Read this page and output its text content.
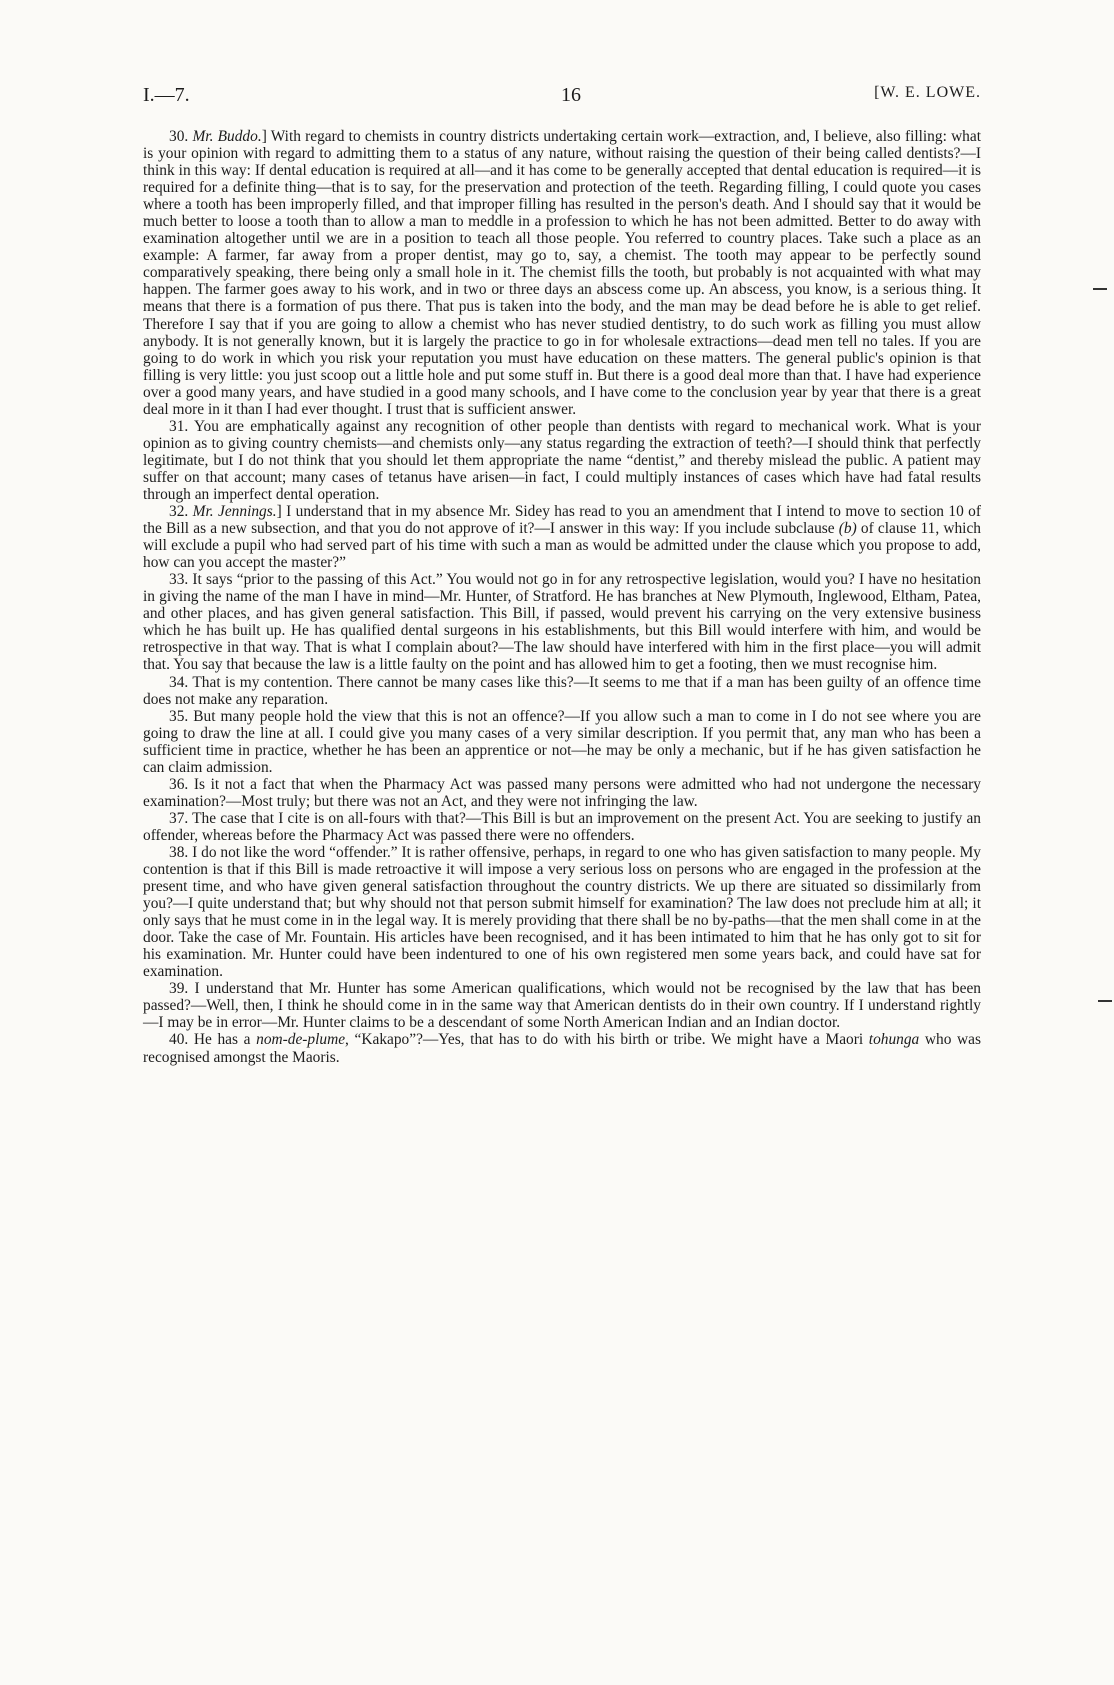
I.—7.	16	[W. E. LOWE.

30. Mr. Buddo.] With regard to chemists in country districts undertaking certain work—extraction, and, I believe, also filling: what is your opinion with regard to admitting them to a status of any nature, without raising the question of their being called dentists?—I think in this way: If dental education is required at all—and it has come to be generally accepted that dental education is required—it is required for a definite thing—that is to say, for the preservation and protection of the teeth. Regarding filling, I could quote you cases where a tooth has been improperly filled, and that improper filling has resulted in the person's death. And I should say that it would be much better to loose a tooth than to allow a man to meddle in a profession to which he has not been admitted. Better to do away with examination altogether until we are in a position to teach all those people. You referred to country places. Take such a place as an example: A farmer, far away from a proper dentist, may go to, say, a chemist. The tooth may appear to be perfectly sound comparatively speaking, there being only a small hole in it. The chemist fills the tooth, but probably is not acquainted with what may happen. The farmer goes away to his work, and in two or three days an abscess come up. An abscess, you know, is a serious thing. It means that there is a formation of pus there. That pus is taken into the body, and the man may be dead before he is able to get relief. Therefore I say that if you are going to allow a chemist who has never studied dentistry, to do such work as filling you must allow anybody. It is not generally known, but it is largely the practice to go in for wholesale extractions—dead men tell no tales. If you are going to do work in which you risk your reputation you must have education on these matters. The general public's opinion is that filling is very little: you just scoop out a little hole and put some stuff in. But there is a good deal more than that. I have had experience over a good many years, and have studied in a good many schools, and I have come to the conclusion year by year that there is a great deal more in it than I had ever thought. I trust that is sufficient answer.

31. You are emphatically against any recognition of other people than dentists with regard to mechanical work. What is your opinion as to giving country chemists—and chemists only—any status regarding the extraction of teeth?—I should think that perfectly legitimate, but I do not think that you should let them appropriate the name “dentist,” and thereby mislead the public. A patient may suffer on that account; many cases of tetanus have arisen—in fact, I could multiply instances of cases which have had fatal results through an imperfect dental operation.

32. Mr. Jennings.] I understand that in my absence Mr. Sidey has read to you an amendment that I intend to move to section 10 of the Bill as a new subsection, and that you do not approve of it?—I answer in this way: If you include subclause (b) of clause 11, which will exclude a pupil who had served part of his time with such a man as would be admitted under the clause which you propose to add, how can you accept the master?”

33. It says “prior to the passing of this Act.” You would not go in for any retrospective legislation, would you? I have no hesitation in giving the name of the man I have in mind—Mr. Hunter, of Stratford. He has branches at New Plymouth, Inglewood, Eltham, Patea, and other places, and has given general satisfaction. This Bill, if passed, would prevent his carrying on the very extensive business which he has built up. He has qualified dental surgeons in his establishments, but this Bill would interfere with him, and would be retrospective in that way. That is what I complain about?—The law should have interfered with him in the first place—you will admit that. You say that because the law is a little faulty on the point and has allowed him to get a footing, then we must recognise him.

34. That is my contention. There cannot be many cases like this?—It seems to me that if a man has been guilty of an offence time does not make any reparation.

35. But many people hold the view that this is not an offence?—If you allow such a man to come in I do not see where you are going to draw the line at all. I could give you many cases of a very similar description. If you permit that, any man who has been a sufficient time in practice, whether he has been an apprentice or not—he may be only a mechanic, but if he has given satisfaction he can claim admission.

36. Is it not a fact that when the Pharmacy Act was passed many persons were admitted who had not undergone the necessary examination?—Most truly; but there was not an Act, and they were not infringing the law.

37. The case that I cite is on all-fours with that?—This Bill is but an improvement on the present Act. You are seeking to justify an offender, whereas before the Pharmacy Act was passed there were no offenders.

38. I do not like the word “offender.” It is rather offensive, perhaps, in regard to one who has given satisfaction to many people. My contention is that if this Bill is made retroactive it will impose a very serious loss on persons who are engaged in the profession at the present time, and who have given general satisfaction throughout the country districts. We up there are situated so dissimilarly from you?—I quite understand that; but why should not that person submit himself for examination? The law does not preclude him at all; it only says that he must come in in the legal way. It is merely providing that there shall be no by-paths—that the men shall come in at the door. Take the case of Mr. Fountain. His articles have been recognised, and it has been intimated to him that he has only got to sit for his examination. Mr. Hunter could have been indentured to one of his own registered men some years back, and could have sat for examination.

39. I understand that Mr. Hunter has some American qualifications, which would not be recognised by the law that has been passed?—Well, then, I think he should come in in the same way that American dentists do in their own country. If I understand rightly—I may be in error—Mr. Hunter claims to be a descendant of some North American Indian and an Indian doctor.

40. He has a nom-de-plume, “Kakapo”?—Yes, that has to do with his birth or tribe. We might have a Maori tohunga who was recognised amongst the Maoris.
